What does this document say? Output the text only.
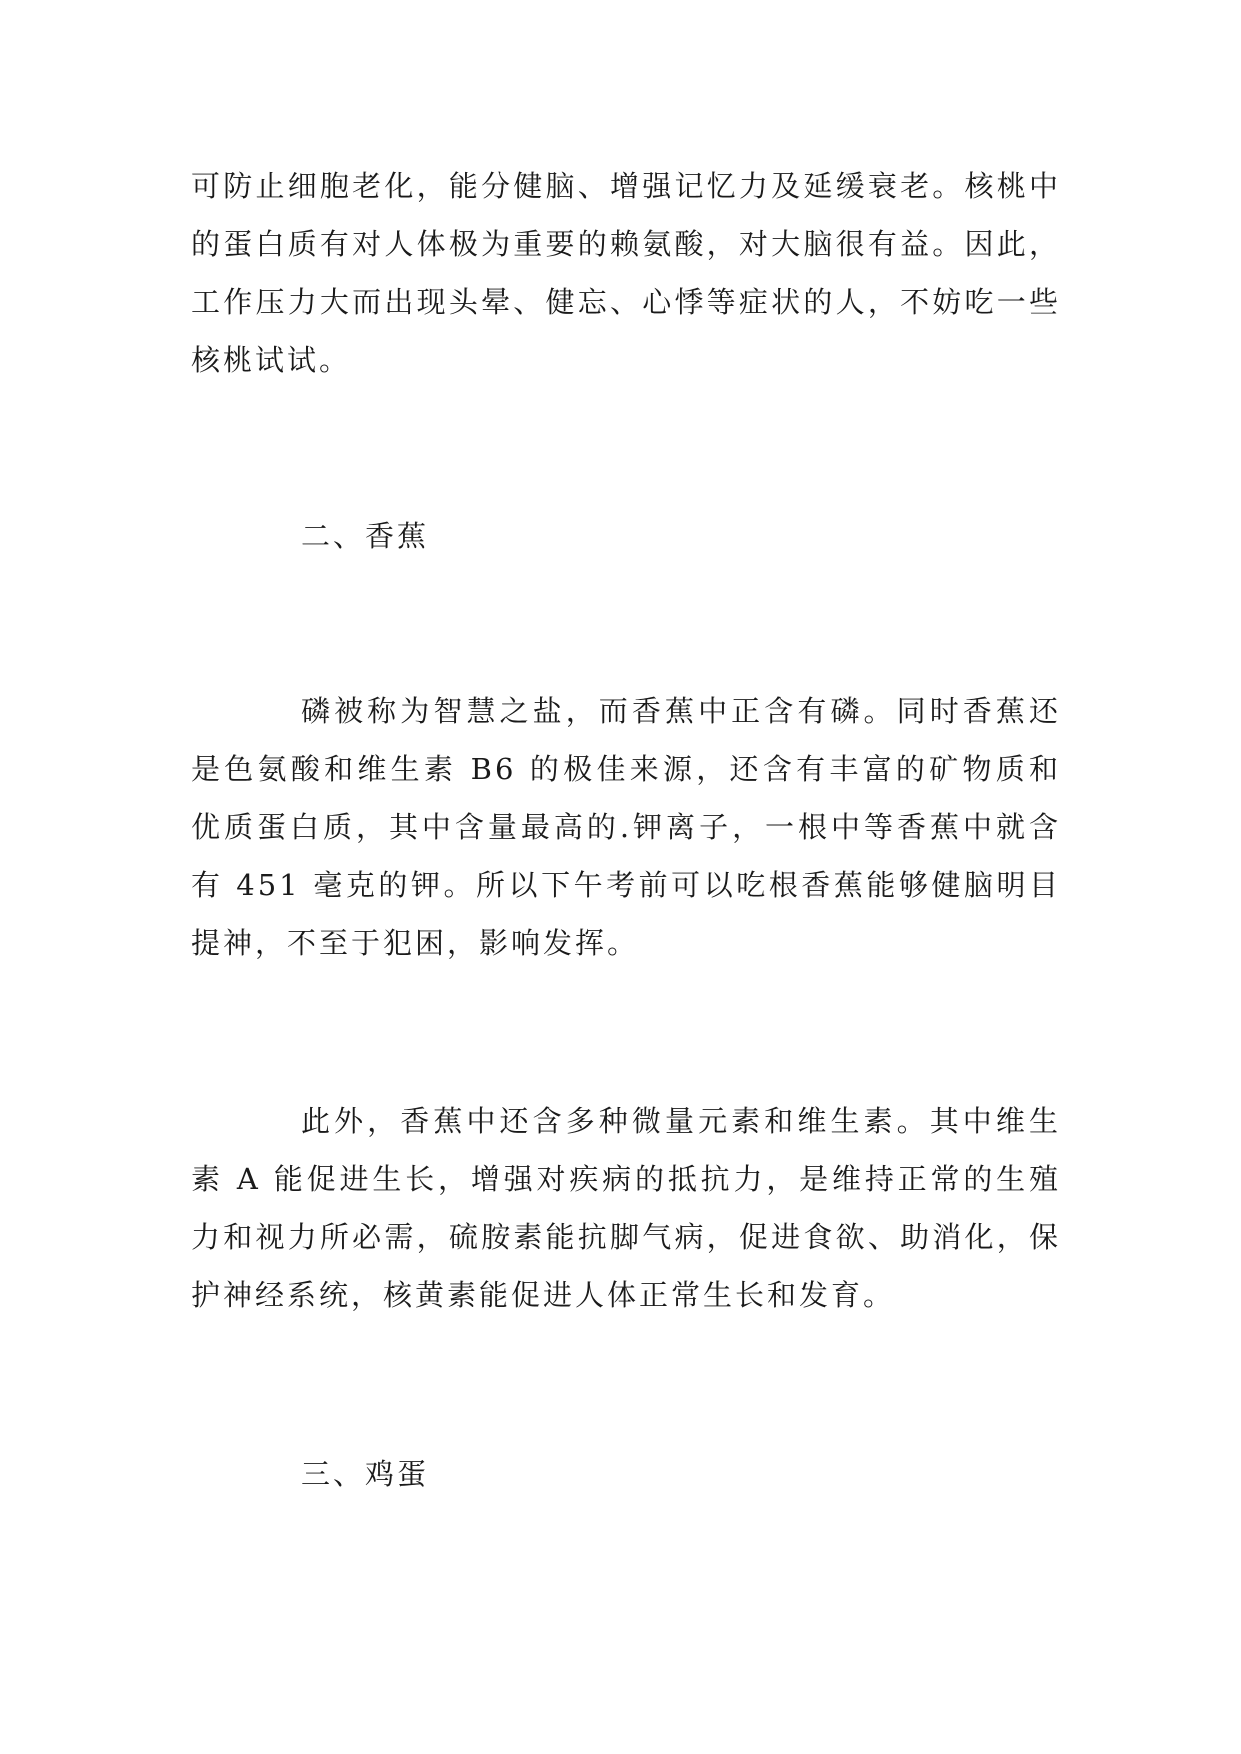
可防止细胞老化，能分健脑、增强记忆力及延缓衰老。核桃中的蛋白质有对人体极为重要的赖氨酸，对大脑很有益。因此，工作压力大而出现头晕、健忘、心悸等症状的人，不妨吃一些核桃试试。

二、香蕉

磷被称为智慧之盐，而香蕉中正含有磷。同时香蕉还是色氨酸和维生素 B6 的极佳来源，还含有丰富的矿物质和优质蛋白质，其中含量最高的.钾离子，一根中等香蕉中就含有 451 毫克的钾。所以下午考前可以吃根香蕉能够健脑明目提神，不至于犯困，影响发挥。

此外，香蕉中还含多种微量元素和维生素。其中维生素 A 能促进生长，增强对疾病的抵抗力，是维持正常的生殖力和视力所必需，硫胺素能抗脚气病，促进食欲、助消化，保护神经系统，核黄素能促进人体正常生长和发育。

三、鸡蛋
